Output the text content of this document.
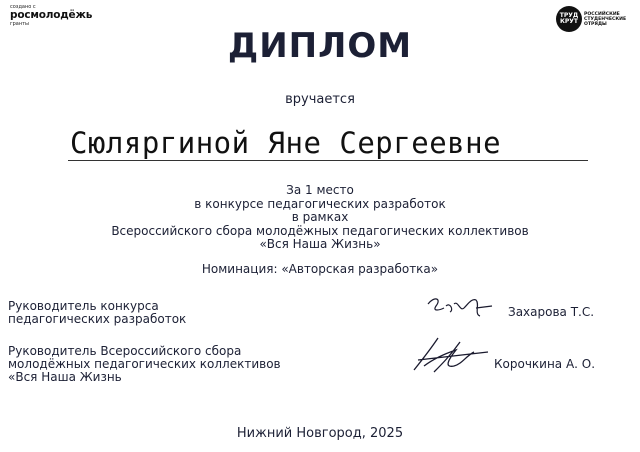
создано с
росмолодёжь
гранты
ТРУД
КРУТ
РОССИЙСКИЕ
СТУДЕНЧЕСКИЕ
ОТРЯДЫ
ДИПЛОМ
вручается
Сюляргиной Яне Сергеевне
За 1 место
в конкурсе педагогических разработок
в рамках
Всероссийского сбора молодёжных педагогических коллективов
«Вся Наша Жизнь»
Номинация: «Авторская разработка»
Руководитель конкурса
педагогических разработок	Захарова Т.С.
Руководитель Всероссийского сбора
молодёжных педагогических коллективов
«Вся Наша Жизнь
Корочкина А. О.
Нижний Новгород, 2025
